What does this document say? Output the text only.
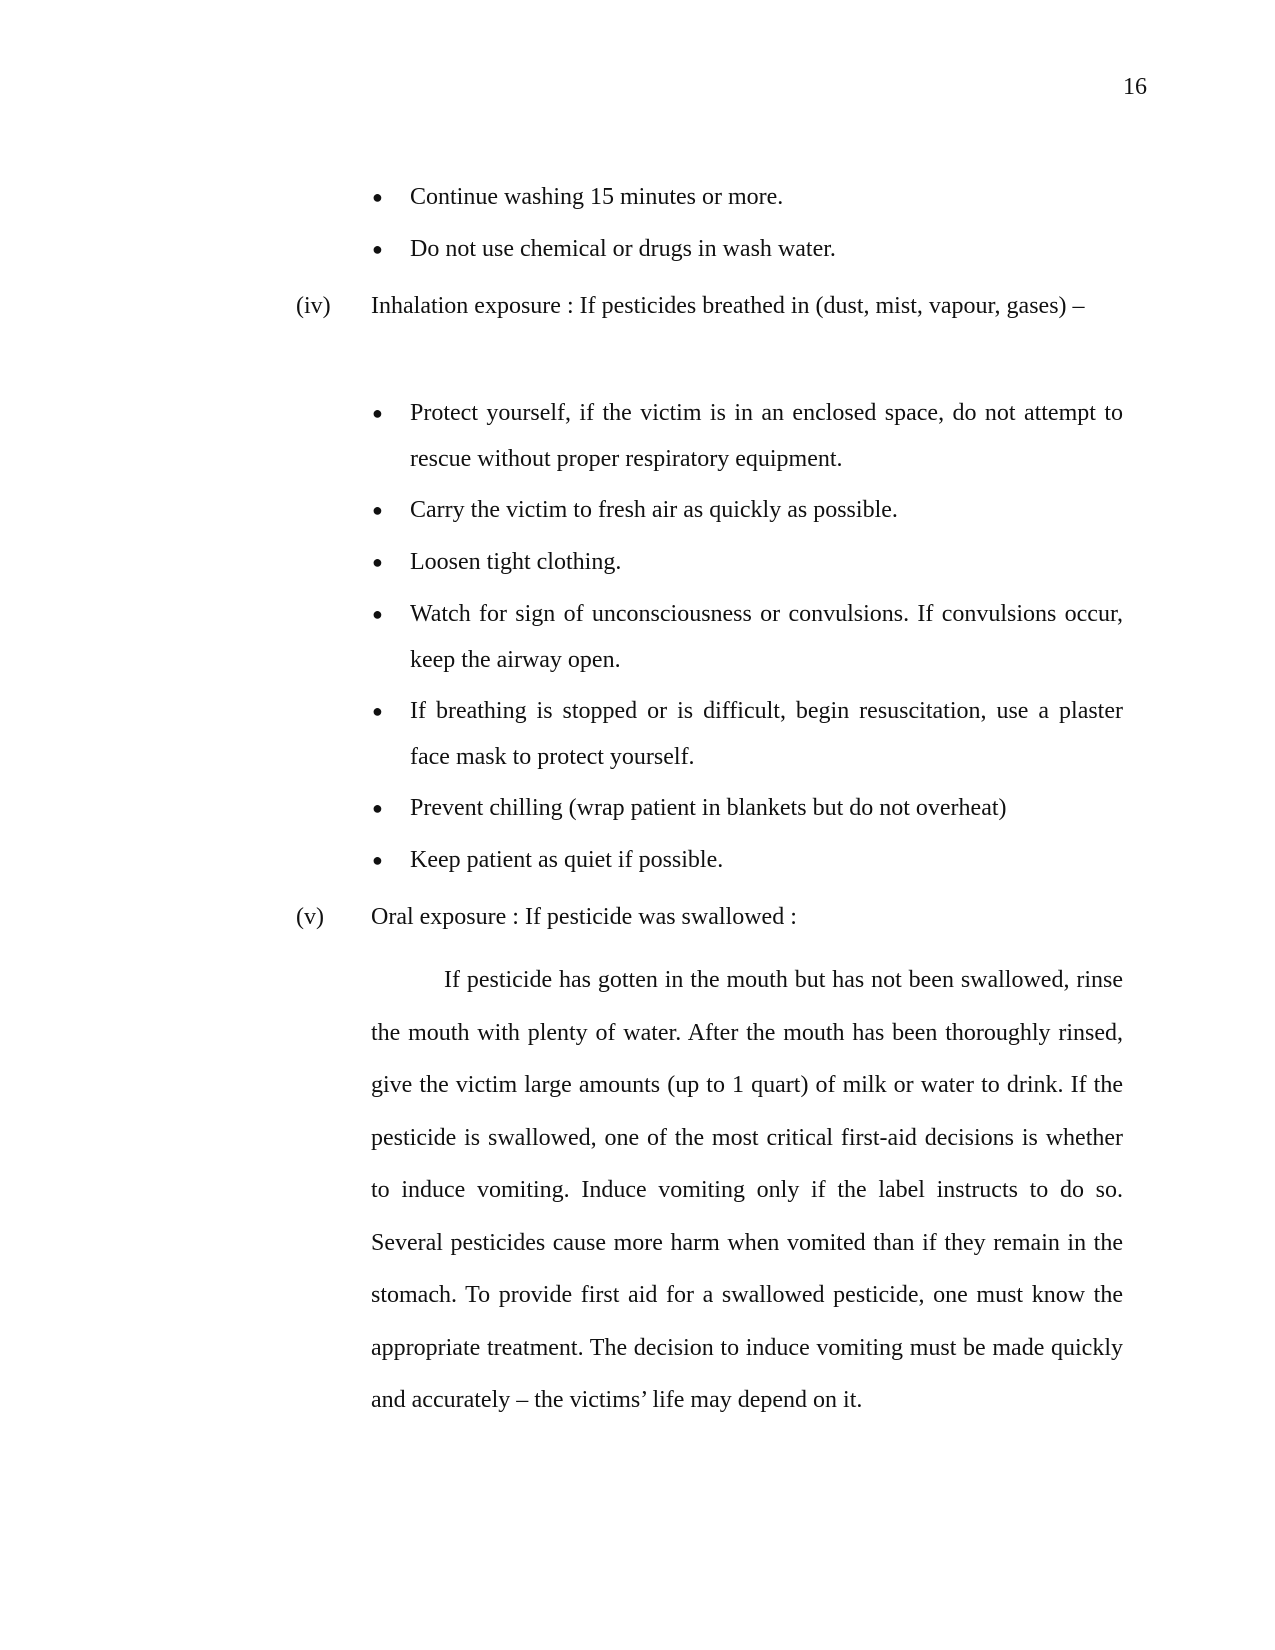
16
● Continue washing 15 minutes or more.
● Do not use chemical or drugs in wash water.
(iv) Inhalation exposure : If pesticides breathed in (dust, mist, vapour, gases) –
● Protect yourself, if the victim is in an enclosed space, do not attempt to rescue without proper respiratory equipment.
● Carry the victim to fresh air as quickly as possible.
● Loosen tight clothing.
● Watch for sign of unconsciousness or convulsions. If convulsions occur, keep the airway open.
● If breathing is stopped or is difficult, begin resuscitation, use a plaster face mask to protect yourself.
● Prevent chilling (wrap patient in blankets but do not overheat)
● Keep patient as quiet if possible.
(v) Oral exposure : If pesticide was swallowed :
If pesticide has gotten in the mouth but has not been swallowed, rinse the mouth with plenty of water. After the mouth has been thoroughly rinsed, give the victim large amounts (up to 1 quart) of milk or water to drink. If the pesticide is swallowed, one of the most critical first-aid decisions is whether to induce vomiting. Induce vomiting only if the label instructs to do so. Several pesticides cause more harm when vomited than if they remain in the stomach. To provide first aid for a swallowed pesticide, one must know the appropriate treatment. The decision to induce vomiting must be made quickly and accurately – the victims’ life may depend on it.
